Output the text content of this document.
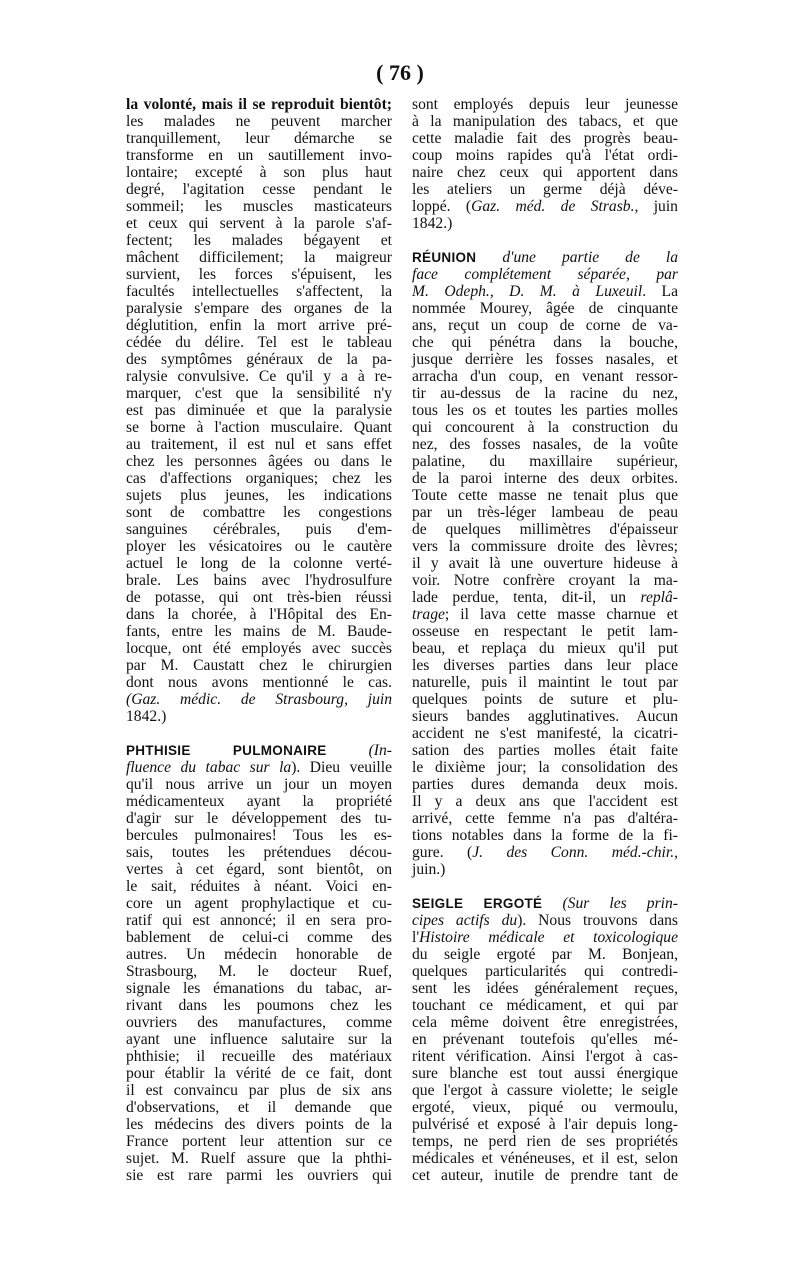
( 76 )
la volonté, mais il se reproduit bientôt;
les malades ne peuvent marcher
tranquillement, leur démarche se
transforme en un sautillement invo-
lontaire; excepté à son plus haut
degré, l'agitation cesse pendant le
sommeil; les muscles masticateurs
et ceux qui servent à la parole s'af-
fectent; les malades bégayent et
mâchent difficilement; la maigreur
survient, les forces s'épuisent, les
facultés intellectuelles s'affectent, la
paralysie s'empare des organes de la
déglutition, enfin la mort arrive pré-
cédée du délire. Tel est le tableau
des symptômes généraux de la pa-
ralysie convulsive. Ce qu'il y a à re-
marquer, c'est que la sensibilité n'y
est pas diminuée et que la paralysie
se borne à l'action musculaire. Quant
au traitement, il est nul et sans effet
chez les personnes âgées ou dans le
cas d'affections organiques; chez les
sujets plus jeunes, les indications
sont de combattre les congestions
sanguines cérébrales, puis d'em-
ployer les vésicatoires ou le cautère
actuel le long de la colonne verté-
brale. Les bains avec l'hydrosulfure
de potasse, qui ont très-bien réussi
dans la chorée, à l'Hôpital des En-
fants, entre les mains de M. Baude-
locque, ont été employés avec succès
par M. Caustatt chez le chirurgien
dont nous avons mentionné le cas.
(Gaz. médic. de Strasbourg, juin
1842.)
PHTHISIE PULMONAIRE (In-
fluence du tabac sur la). Dieu veuille
qu'il nous arrive un jour un moyen
médicamenteux ayant la propriété
d'agir sur le développement des tu-
bercules pulmonaires! Tous les es-
sais, toutes les prétendues décou-
vertes à cet égard, sont bientôt, on
le sait, réduites à néant. Voici en-
core un agent prophylactique et cu-
ratif qui est annoncé; il en sera pro-
bablement de celui-ci comme des
autres. Un médecin honorable de
Strasbourg, M. le docteur Ruef,
signale les émanations du tabac, ar-
rivant dans les poumons chez les
ouvriers des manufactures, comme
ayant une influence salutaire sur la
phthisie; il recueille des matériaux
pour établir la vérité de ce fait, dont
il est convaincu par plus de six ans
d'observations, et il demande que
les médecins des divers points de la
France portent leur attention sur ce
sujet. M. Ruelf assure que la phthi-
sie est rare parmi les ouvriers qui
sont employés depuis leur jeunesse
à la manipulation des tabacs, et que
cette maladie fait des progrès beau-
coup moins rapides qu'à l'état ordi-
naire chez ceux qui apportent dans
les ateliers un germe déjà déve-
loppé. (Gaz. méd. de Strasb., juin
1842.)
RÉUNION d'une partie de la
face complétement séparée, par
M. Odeph., D. M. à Luxeuil. La
nommée Mourey, âgée de cinquante
ans, reçut un coup de corne de va-
che qui pénétra dans la bouche,
jusque derrière les fosses nasales, et
arracha d'un coup, en venant ressor-
tir au-dessus de la racine du nez,
tous les os et toutes les parties molles
qui concourent à la construction du
nez, des fosses nasales, de la voûte
palatine, du maxillaire supérieur,
de la paroi interne des deux orbites.
Toute cette masse ne tenait plus que
par un très-léger lambeau de peau
de quelques millimètres d'épaisseur
vers la commissure droite des lèvres;
il y avait là une ouverture hideuse à
voir. Notre confrère croyant la ma-
lade perdue, tenta, dit-il, un replâ-
trage; il lava cette masse charnue et
osseuse en respectant le petit lam-
beau, et replaça du mieux qu'il put
les diverses parties dans leur place
naturelle, puis il maintint le tout par
quelques points de suture et plu-
sieurs bandes agglutinatives. Aucun
accident ne s'est manifesté, la cicatri-
sation des parties molles était faite
le dixième jour; la consolidation des
parties dures demanda deux mois.
Il y a deux ans que l'accident est
arrivé, cette femme n'a pas d'altéra-
tions notables dans la forme de la fi-
gure. (J. des Conn. méd.-chir.,
juin.)
SEIGLE ERGOTÉ (Sur les prin-
cipes actifs du). Nous trouvons dans
l'Histoire médicale et toxicologique
du seigle ergoté par M. Bonjean,
quelques particularités qui contredi-
sent les idées généralement reçues,
touchant ce médicament, et qui par
cela même doivent être enregistrées,
en prévenant toutefois qu'elles mé-
ritent vérification. Ainsi l'ergot à cas-
sure blanche est tout aussi énergique
que l'ergot à cassure violette; le seigle
ergoté, vieux, piqué ou vermoulu,
pulvérisé et exposé à l'air depuis long-
temps, ne perd rien de ses propriétés
médicales et vénéneuses, et il est, selon
cet auteur, inutile de prendre tant de
